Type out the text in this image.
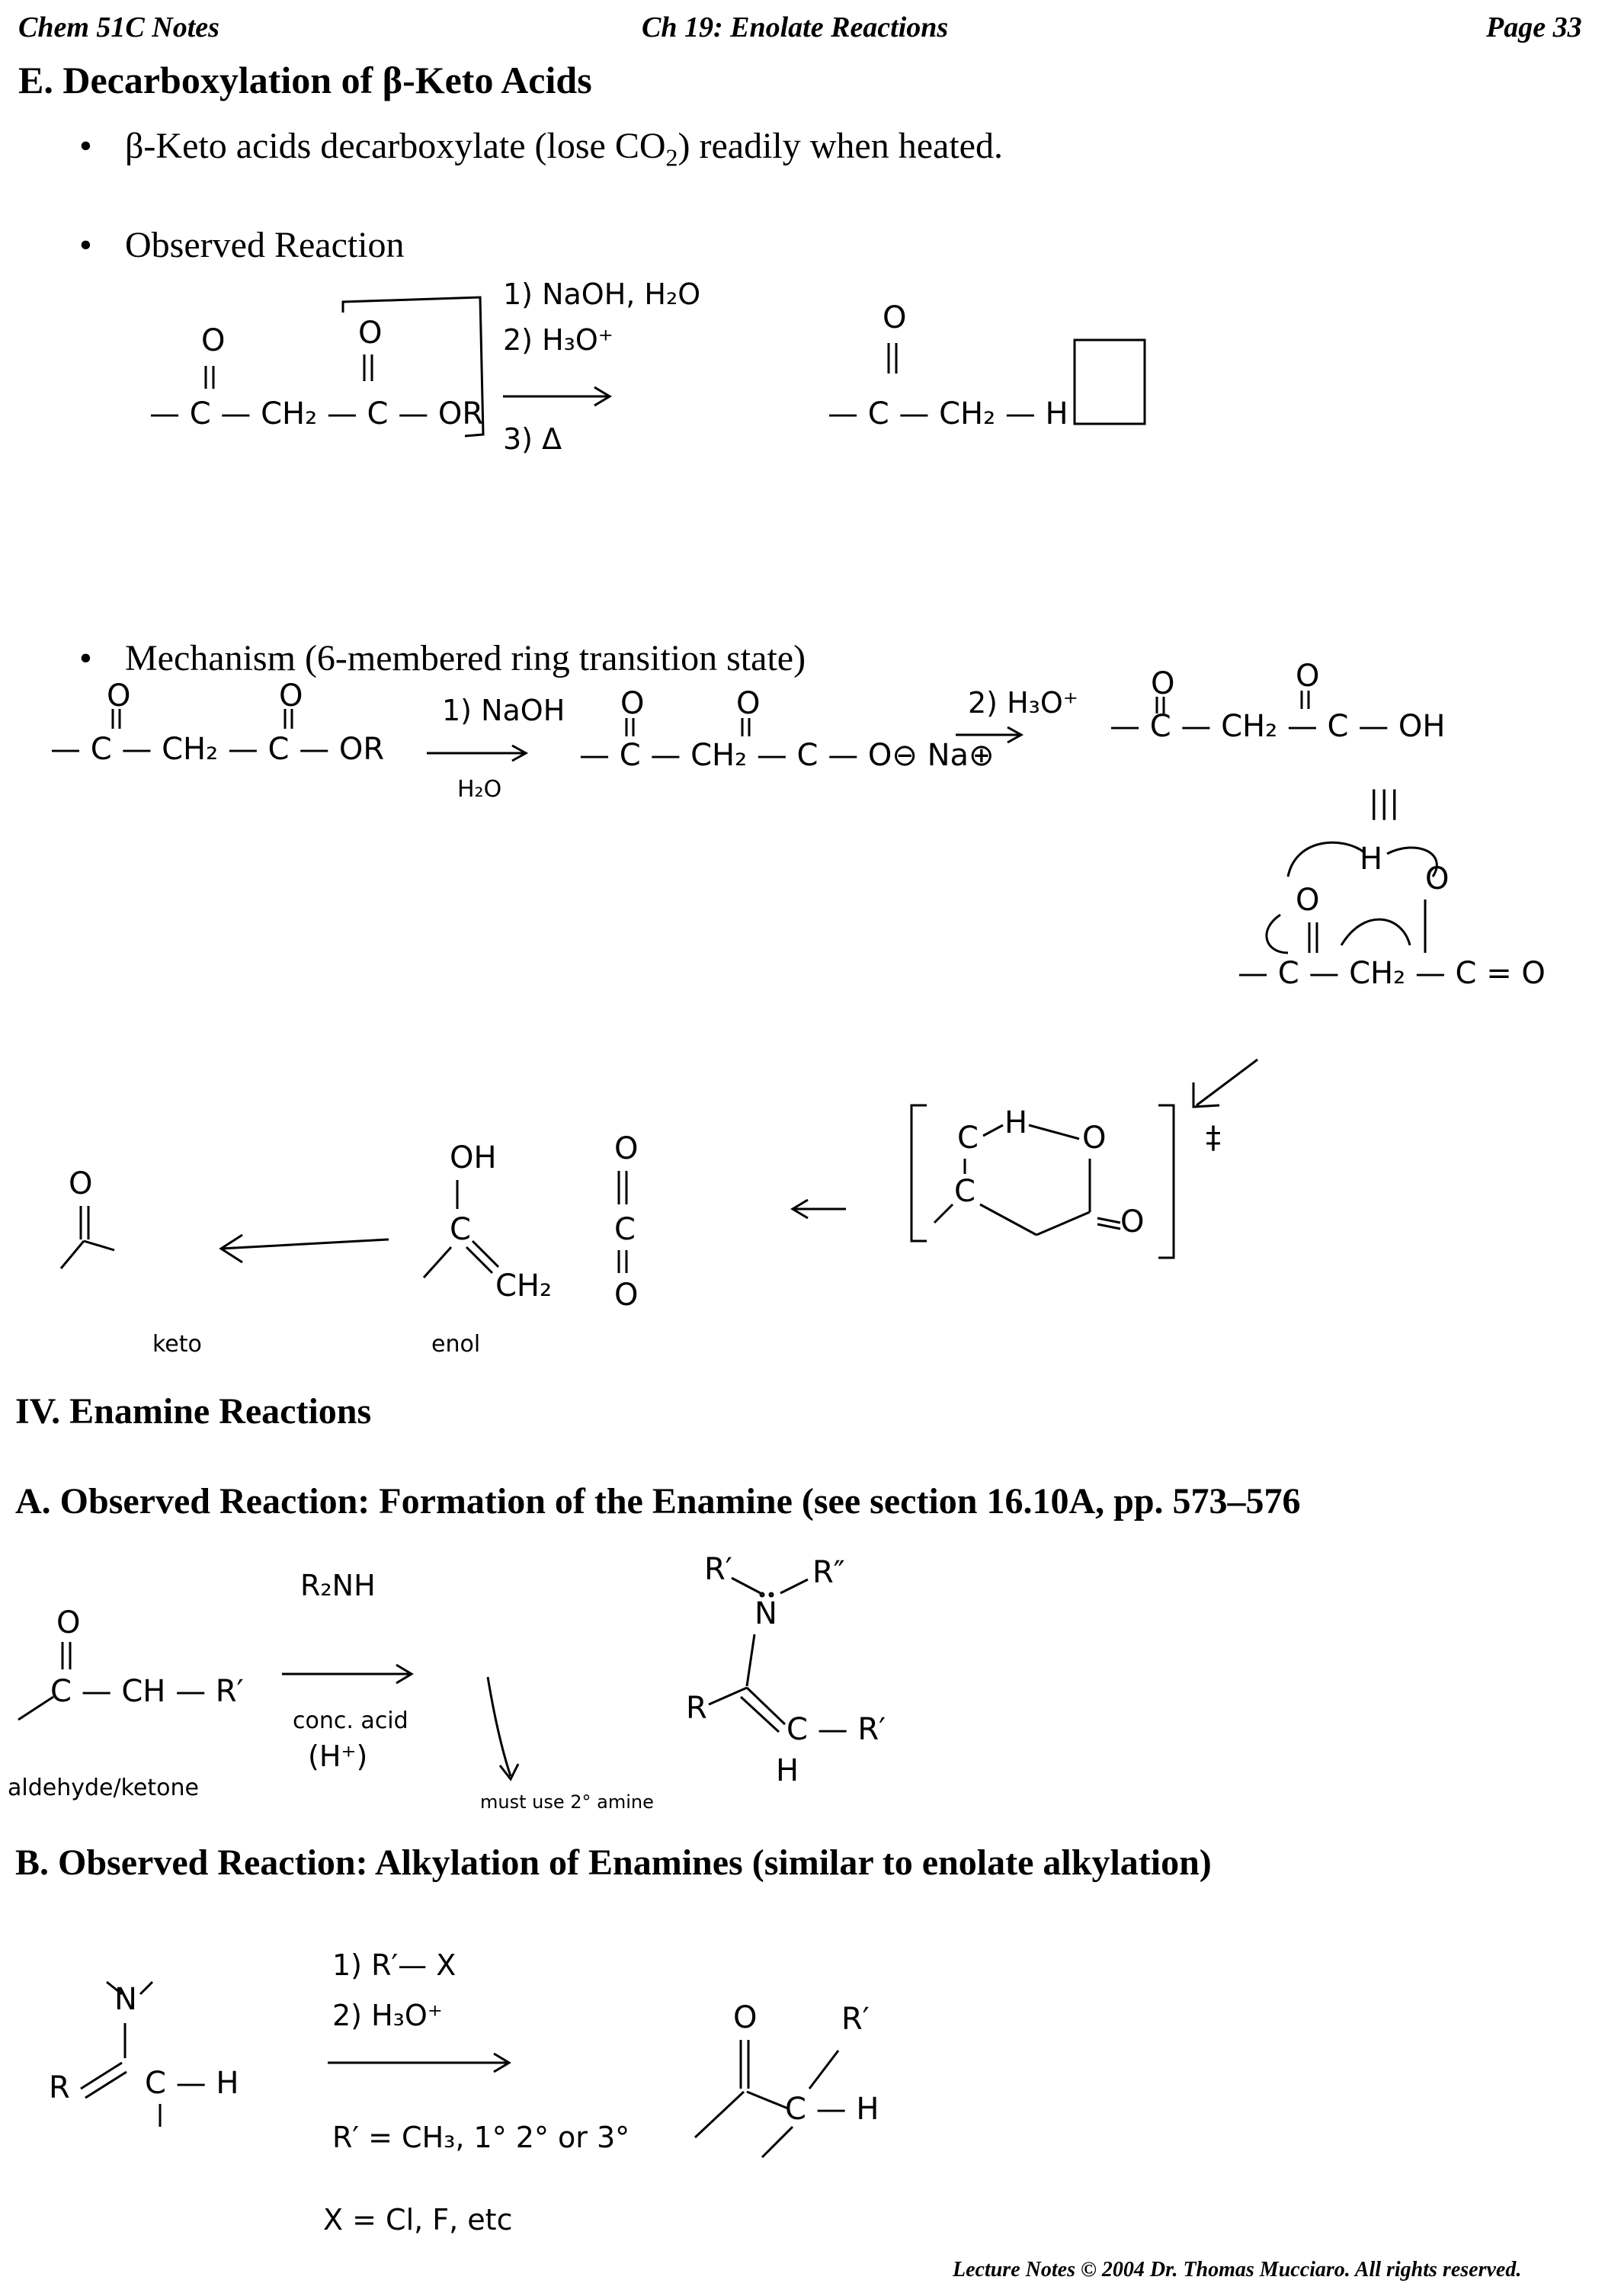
Chem 51C Notes	Ch 19: Enolate Reactions	Page 33
E. Decarboxylation of β-Keto Acids
• β-Keto acids decarboxylate (lose $CO_2$) readily when heated.
• Observed Reaction
O	O
— C — CH₂ — C — OR
1) NaOH, H₂O
2) H₃O⁺
3) Δ
O
— C — CH₂ — H
• Mechanism (6-membered ring transition state)
O	O
— C — CH₂ — C — OR
1) NaOH
H₂O
O	O
— C — CH₂ — C — O⊖ Na⊕
2) H₃O⁺
O	O
— C — CH₂ — C — OH
|||
H
O
O
— C — CH₂ — C = O
C H O
C
O
‡
OH
C
CH₂
O
C
O
O
keto	enol
IV. Enamine Reactions
A. Observed Reaction: Formation of the Enamine (see section 16.10A, pp. 573–576
O
C — CH — R′
aldehyde/ketone
R₂NH
conc. acid
(H⁺)
must use 2° amine
R′	R″
N
R
C — R′
H
B. Observed Reaction: Alkylation of Enamines (similar to enolate alkylation)
N
R C — H
1) R′— X
2) H₃O⁺
R′ = CH₃, 1° 2° or 3°
X = Cl, F, etc
O	R′
C — H
Lecture Notes © 2004 Dr. Thomas Mucciaro. All rights reserved.
